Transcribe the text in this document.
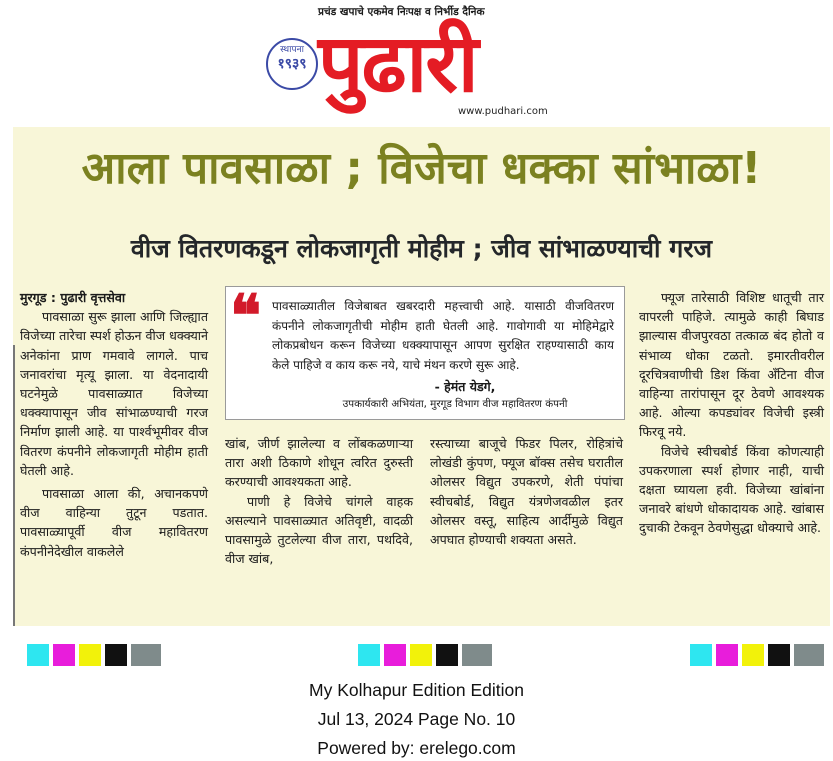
प्रचंड खपाचे एकमेव निःपक्ष व निर्भीड दैनिक
स्थापना
१९३९ पुढारी
www.pudhari.com
आला पावसाळा ; विजेचा धक्का सांभाळा!
वीज वितरणकडून लोकजागृती मोहीम ; जीव सांभाळण्याची गरज

मुरगूड : पुढारी वृत्तसेवा

पावसाळा सुरू झाला आणि जिल्ह्यात विजेच्या तारेचा स्पर्श होऊन वीज धक्क्याने अनेकांना प्राण गमवावे लागले. पाच जनावरांचा मृत्यू झाला. या वेदनादायी घटनेमुळे पावसाळ्यात विजेच्या धक्क्यापासून जीव सांभाळण्याची गरज निर्माण झाली आहे. या पार्श्वभूमीवर वीज वितरण कंपनीने लोकजागृती मोहीम हाती घेतली आहे.

पावसाळा आला की, अचानकपणे वीज वाहिन्या तुटून पडतात. पावसाळ्यापूर्वी वीज महावितरण कंपनीनेदेखील वाकलेले

❝ पावसाळ्यातील विजेबाबत खबरदारी महत्त्वाची आहे. यासाठी वीजवितरण कंपनीने लोकजागृतीची मोहीम हाती घेतली आहे. गावोगावी या मोहिमेद्वारे लोकप्रबोधन करून विजेच्या धक्क्यापासून आपण सुरक्षित राहण्यासाठी काय केले पाहिजे व काय करू नये, याचे मंथन करणे सुरू आहे.
- हेमंत येडगे,
उपकार्यकारी अभियंता, मुरगूड विभाग वीज महावितरण कंपनी

खांब, जीर्ण झालेल्या व लोंबकळणाऱ्या तारा अशी ठिकाणे शोधून त्वरित दुरुस्ती करण्याची आवश्यकता आहे.

पाणी हे विजेचे चांगले वाहक असल्याने पावसाळ्यात अतिवृष्टी, वादळी पावसामुळे तुटलेल्या वीज तारा, पथदिवे, वीज खांब,

रस्त्याच्या बाजूचे फिडर पिलर, रोहित्रांचे लोखंडी कुंपण, फ्यूज बॉक्स तसेच घरातील ओलसर विद्युत उपकरणे, शेती पंपांचा स्वीचबोर्ड, विद्युत यंत्रणेजवळील इतर ओलसर वस्तू, साहित्य आर्दीमुळे विद्युत अपघात होण्याची शक्यता असते.

फ्यूज तारेसाठी विशिष्ट धातूची तार वापरली पाहिजे. त्यामुळे काही बिघाड झाल्यास वीजपुरवठा तत्काळ बंद होतो व संभाव्य धोका टळतो. इमारतीवरील दूरचित्रवाणीची डिश किंवा अँटिना वीज वाहिन्या तारांपासून दूर ठेवणे आवश्यक आहे. ओल्या कपड्यांवर विजेची इस्त्री फिरवू नये.

विजेचे स्वीचबोर्ड किंवा कोणत्याही उपकरणाला स्पर्श होणार नाही, याची दक्षता घ्यायला हवी. विजेच्या खांबांना जनावरे बांधणे धोकादायक आहे. खांबास दुचाकी टेकवून ठेवणेसुद्धा धोक्याचे आहे.

My Kolhapur Edition Edition
Jul 13, 2024 Page No. 10
Powered by: erelego.com
